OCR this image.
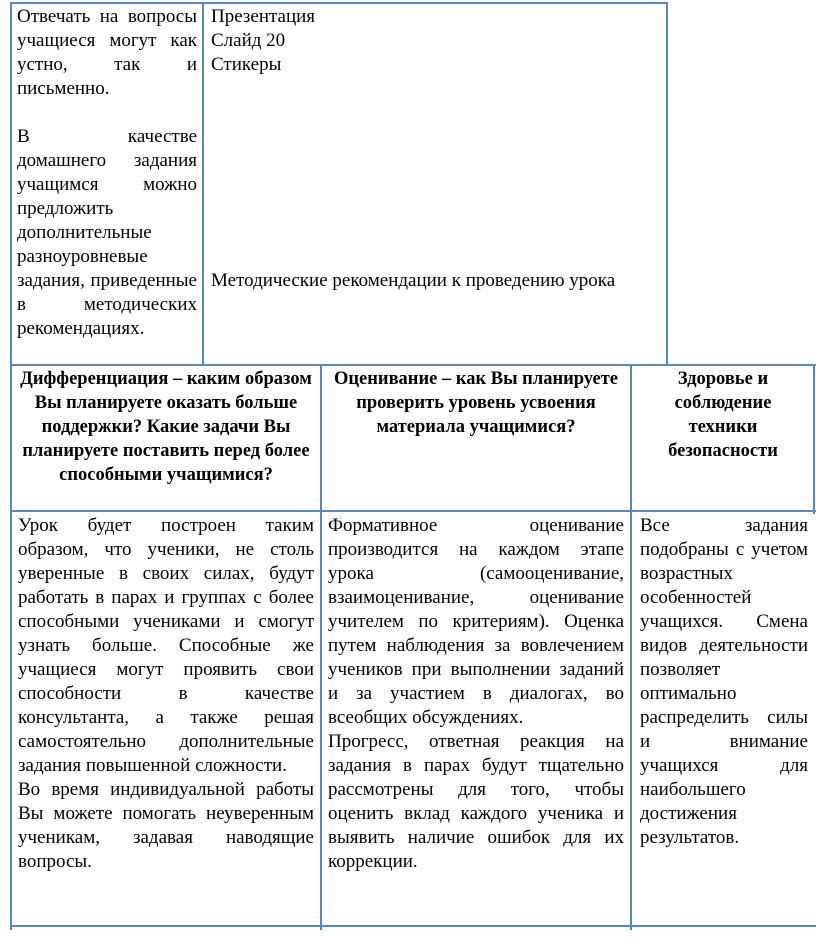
Отвечать на вопросы учащиеся могут как устно, так и письменно.

В качестве домашнего задания учащимся можно предложить дополнительные разноуровневые задания, приведенные в методических рекомендациях.

Презентация
Слайд 20
Стикеры
Методические рекомендации к проведению урока

Дифференциация – каким образом Вы планируете оказать больше поддержки? Какие задачи Вы планируете поставить перед более способными учащимися?

Оценивание – как Вы планируете проверить уровень усвоения материала учащимися?

Здоровье и соблюдение техники безопасности

Урок будет построен таким образом, что ученики, не столь уверенные в своих силах, будут работать в парах и группах с более способными учениками и смогут узнать больше. Способные же учащиеся могут проявить свои способности в качестве консультанта, а также решая самостоятельно дополнительные задания повышенной сложности.

Во время индивидуальной работы Вы можете помогать неуверенным ученикам, задавая наводящие вопросы.

Формативное оценивание производится на каждом этапе урока (самооценивание, взаимоценивание, оценивание учителем по критериям). Оценка путем наблюдения за вовлечением учеников при выполнении заданий и за участием в диалогах, во всеобщих обсуждениях.

Прогресс, ответная реакция на задания в парах будут тщательно рассмотрены для того, чтобы оценить вклад каждого ученика и выявить наличие ошибок для их коррекции.

Все задания подобраны с учетом возрастных особенностей учащихся. Смена видов деятельности позволяет оптимально распределить силы и внимание учащихся для наибольшего достижения результатов.
